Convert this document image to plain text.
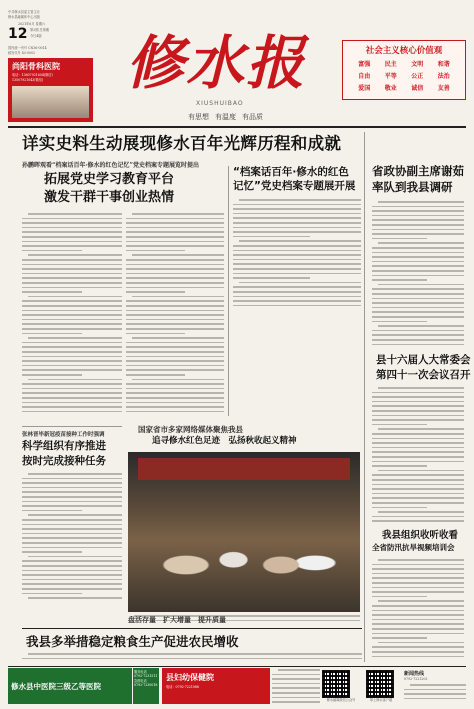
中共修水县委主管主办
修水县融媒体中心出版
2021年6月 星期六
12 第2期 总第期
今日4版
国内统一刊号 CN36-0014
邮发代号 43-0002
尚阳骨科医院
电话：13607921604(微信)
13507921043(微信) 修水报
XIUSHUIBAO
有思想 有温度 有品质
社会主义核心价值观
富强	民主	文明	和谐
自由	平等	公正	法治
爱国	敬业	诚信	友善
详实史料生动展现修水百年光辉历程和成就
孙鹏晖观看“档案话百年·修水的红色记忆”党史档案专题展览时提出
拓展党史学习教育平台
激发干群干事创业热情
“档案话百年·修水的红色
记忆”党史档案专题展开展
省政协副主席谢茹
率队到我县调研
县十六届人大常委会
第四十一次会议召开
我县组织收听收看
全省防汛抗旱视频培训会
张林晋毕新冠疫苗接种工作时强调
科学组织有序推进
按时完成接种任务
国家省市多家网络媒体聚焦我县
追寻修水红色足迹　弘扬秋收起义精神
盘活存量　扩大增量　提升质量
我县多举措稳定粮食生产促进农民增收
修水县中医院三级乙等医院
服务电话
0792-7231511
急救电话
0792-7230018
县妇幼保健院
电话：0792-7221088
修水融媒微信公众号	掌上修水客户端
新闻热线
0792-7221203
